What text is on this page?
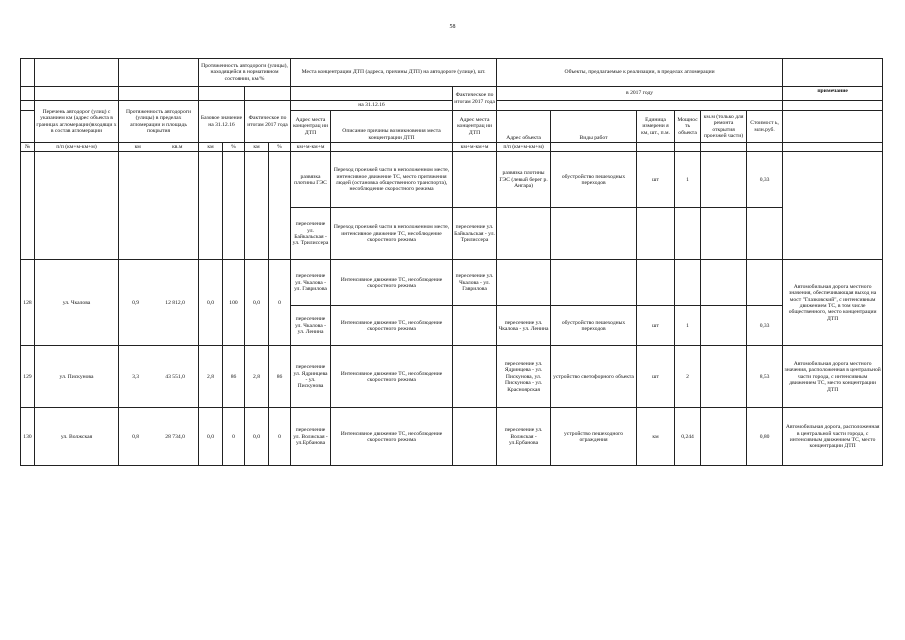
58
			Протяженность автодороги (улицы), находящейся в нормативном состоянии, км/%				Места концентрации ДТП (адреса, причины ДТП) на автодороге (улице), шт.			Объекты, предлагаемые к реализации, в пределах агломерации						
									Фактическое по итогам 2017 года	в 2017 году						примечание
	Перечень автодорог (улиц) с указанием км (адрес объекта в границах агломерации)входящи х в состав агломерации	Протяженность автодороги (улицы) в пределах агломерации и площадь покрытия	Базовое значение на 31.12.16		Фактическое по итогам 2017 года		на 31.12.16									
							Адрес места концентрац ии ДТП	Описание причины возникновения места концентрации ДТП	Адрес места концентрац ии ДТП	Адрес объекта	Виды работ	Единица измерени я км, шт., п.м.	Мощнос ть объекта	км.м (только для ремонта открытия проезжей части)	Стоимост ь, млн.руб.	
№	п/п (км+м-км+м)	км кв.м	км	%	км	%	км+м-км+м		км+м-км+м	п/п (км+м-км+м)						
							развязка плотины ГЭС	Переход проезжей части в неположенном месте, интенсивное движение ТС, место притяжения людей (остановка общественного транспорта), несоблюдение скоростного режима		развязка плотины ГЭС (левый берег р. Ангара)	обустройство пешеходных переходов	шт	1		0,33	
							пересечение ул. Байкальская - ул. Трилиссера	Переход проезжей части в неположенном месте, интенсивное движение ТС, несоблюдение скоростного режима	пересечение ул. Байкальская - ул. Трилиссера							
128	ул. Чкалова	0,9 12 812,0	0,0	100	0,0	0	пересечение ул. Чкалова - ул. Гаврилова	Интенсивное движение ТС, несоблюдение скоростного режима	пересечение ул. Чкалова - ул. Гаврилова							Автомобильная дорога местного значения, обеспечивающая выход на мост "Глазковский", с интенсивным движением ТС, в том числе общественного, место концентрации ДТП
							пересечение ул. Чкалова - ул. Ленина	Интенсивное движение ТС, несоблюдение скоростного режима		пересечение ул. Чкалова - ул. Ленина	обустройство пешеходных переходов	шт	1		0,33	
129	ул. Пискунова	3,3 43 551,0	2,8	86	2,8	86	пересечение ул. Ядринцева - ул. Пискунова	Интенсивное движение ТС, несоблюдение скоростного режима		пересечение ул. Ядринцева - ул. Пискунова, ул. Пискунова - ул. Красноярская	устройство светофорного объекта	шт	2		8,53	Автомобильная дорога местного значения, расположенная в центральной части города, с интенсивным движением ТС, место концентрации ДТП
130	ул. Волжская	0,8 28 734,0	0,0	0	0,0	0	пересечение ул. Волжская - ул.Ербанова	Интенсивное движение ТС, несоблюдение скоростного режима		пересечение ул. Волжская - ул.Ербанова	устройство пешеходного ограждения	км	0,244		0,80	Автомобильная дорога, расположенная в центральной части города, с интенсивным движением ТС, место концентрации ДТП
